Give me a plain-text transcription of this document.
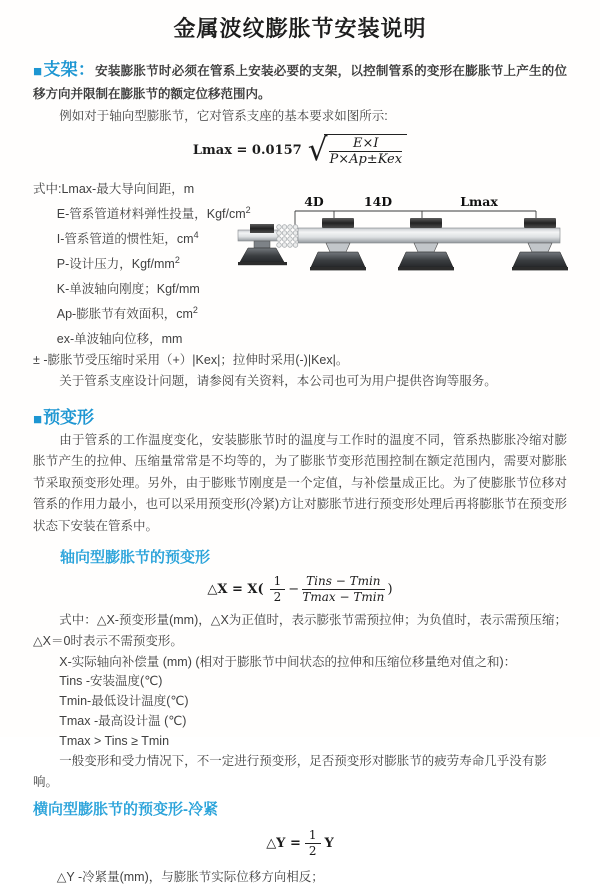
金属波纹膨胀节安装说明

■支架：安装膨胀节时必须在管系上安装必要的支架，以控制管系的变形在膨胀节上产生的位移方向并限制在膨胀节的额定位移范围内。

例如对于轴向型膨胀节，它对管系支座的基本要求如图所示:

Lmax = 0.0157 √ $\frac{E\times I}{\text{P×Ap±Kex}}$
式中:Lmax-最大导向间距，m
E-管系管道材料弹性投量，Kgf/$cm^2$
I-管系管道的惯性矩，$cm^4$
P-设计压力，Kgf/$mm^2$
K-单波轴向刚度；Kgf/mm
Ap-膨胀节有效面积，$cm^2$
ex-单波轴向位移，mm
± -膨胀节受压缩时采用（+）|Kex|；拉伸时采用(-)|Kex|。
关于管系支座设计问题，请参阅有关资料，本公司也可为用户提供咨询等服务。
■预变形

由于管系的工作温度变化，安装膨胀节时的温度与工作时的温度不同，管系热膨胀冷缩对膨胀节产生的拉伸、压缩量常常是不均等的，为了膨胀节变形范围控制在额定范围内，需要对膨胀节采取预变形处理。另外，由于膨账节刚度是一个定值，与补偿量成正比。为了使膨胀节位移对管系的作用力最小，也可以采用预变形(冷紧)方让对膨胀节进行预变形处理后再将膨胀节在预变形状态下安装在管系中。

轴向型膨胀节的预变形
△X = $X( \frac{1}{2} - \frac{\text{Tins − Tmin}}{Tmax - Tmin}$ )

式中：△X-预变形量(mm)，△X为正值时，表示膨张节需预拉伸；为负值时，表示需预压缩；△X＝0时表示不需预变形。

X-实际轴向补偿量 (mm) (相对于膨胀节中间状态的拉伸和压缩位移量绝对值之和)：
Tins -安装温度(℃)
Tmin-最低设计温度(℃)
Tmax -最高设计温 (℃)
Tmax > Tins ≥ Tmin
一般变形和受力情况下，不一定进行预变形，足否预变形对膨胀节的疲劳寿命几乎没有影响。
横向型膨胀节的预变形-冷紧
△Y = $\frac{1}{2}$ Y
△Y -冷紧量(mm)，与膨胀节实际位移方向相反；
4D	14D	Lmax
